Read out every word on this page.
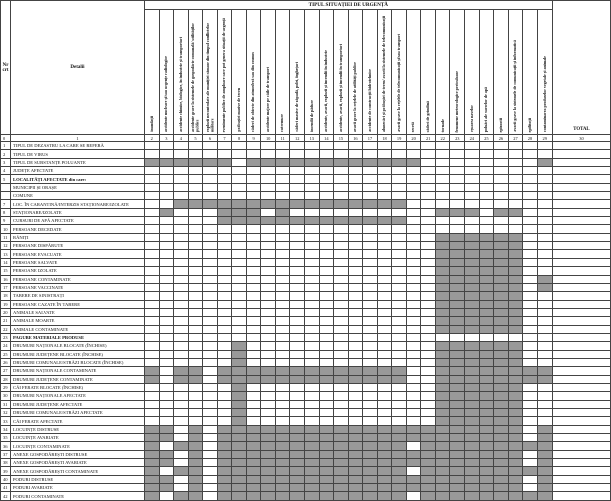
Nr crt	Detalii	TIPUL SITUAȚIEI DE URGENȚĂ																												TOTAL

		inundații	accidente nucleare și/sau urgențe radiologice	accidente chimice, biologice, în industrie și transporturi	accidente grave la sistemele de gospodărie comunală/ utilităților publice	explozii necontrolate ale muniției rămase din timpul conflictelor militare	evenimente publice de amploare care pot genera situații de urgență	prăbușiri masive de teren	căderi de obiecte din atmosferă sau din cosmos	accidente majore pe căile de transport	cutremure	căderi masive de zăpadă, polei, înghețuri	incendii de pădure	accidente, avarii, explozii și incendii în industrie	accidente, avarii, explozii și incendii în transporturi	avarii grave la rețelele de utilități publice	accidente de construcții hidrotehnice	alunecări și prăbușiri de teren/ avarii la sistemele de telecomunicații	avarii grave la rețelele de telecomunicații și/sau transport	secetă	căderi de grindină	tornade	fenomene meteorologice periculoase	eșuarea navelor	poluări ale surselor de apă	epizootii	avarii grave la sistemele de comunicații și informatică	epifitoții	contaminarea produselor vegetale și animale	

0	1	2	3	4	5	6	7	8	9	10	11	12	13	14	15	16	17	18	19	20	21	22	23	24	25	26	27	28	29	30
1	TIPUL DE DEZASTRU LA CARE SE REFERĂ																													
2	TIPUL DE VIRUS																													
3	TIPUL DE SUBSTANȚE POLUANTE																													
4	JUDEȚE AFECTATE																													
5	LOCALITĂȚI AFECTATE din care:																													
	MUNICIPII ȘI ORAȘE																													
	COMUNE																													
7	LOC. ÎN CARANTINĂ/INTERZIS STAȚIONARE/IZOLATE																													
8	STAȚIONARE/IZOLATE																													
9	CURSURI DE APĂ AFECTATE																													
10	PERSOANE DECEDATE																													
11	RĂNIȚI																													
12	PERSOANE DISPĂRUTE																													
13	PERSOANE EVACUATE																													
14	PERSOANE SALVATE																													
15	PERSOANE IZOLATE																													
16	PERSOANE CONTAMINATE																													
17	PERSOANE VACCINATE																													
18	TABERE DE SINISTRAȚI																													
19	PERSOANE CAZATE ÎN TABERE																													
20	ANIMALE SALVATE																													
21	ANIMALE MOARTE																													
22	ANIMALE CONTAMINATE																													
23	PAGUBE MATERIALE PRODUSE																													
24	DRUMURI NAȚIONALE BLOCATE (ÎNCHISE)																													
25	DRUMURI JUDEȚENE BLOCATE (ÎNCHISE)																													
26	DRUMURI COMUNALE/STRĂZI BLOCATE (ÎNCHISE)																													
27	DRUMURI NAȚIONALE CONTAMINATE																													
28	DRUMURI JUDEȚENE CONTAMINATE																													
29	CĂI FERATE BLOCATE (ÎNCHISE)																													
30	DRUMURI NAȚIONALE AFECTATE																													
31	DRUMURI JUDEȚENE AFECTATE																													
32	DRUMURI COMUNALE/STRĂZI AFECTATE																													
33	CĂI FERATE AFECTATE																													
34	LOCUINȚE DISTRUSE																													
35	LOCUINȚE AVARIATE																													
36	LOCUINȚE CONTAMINATE																													
37	ANEXE GOSPODĂREȘTI DISTRUSE																													
38	ANEXE GOSPODĂREȘTI AVARIATE																													
39	ANEXE GOSPODĂREȘTI CONTAMINATE																													
40	PODURI DISTRUSE																													
41	PODURI AVARIATE																													
42	PODURI CONTAMINATE																													
